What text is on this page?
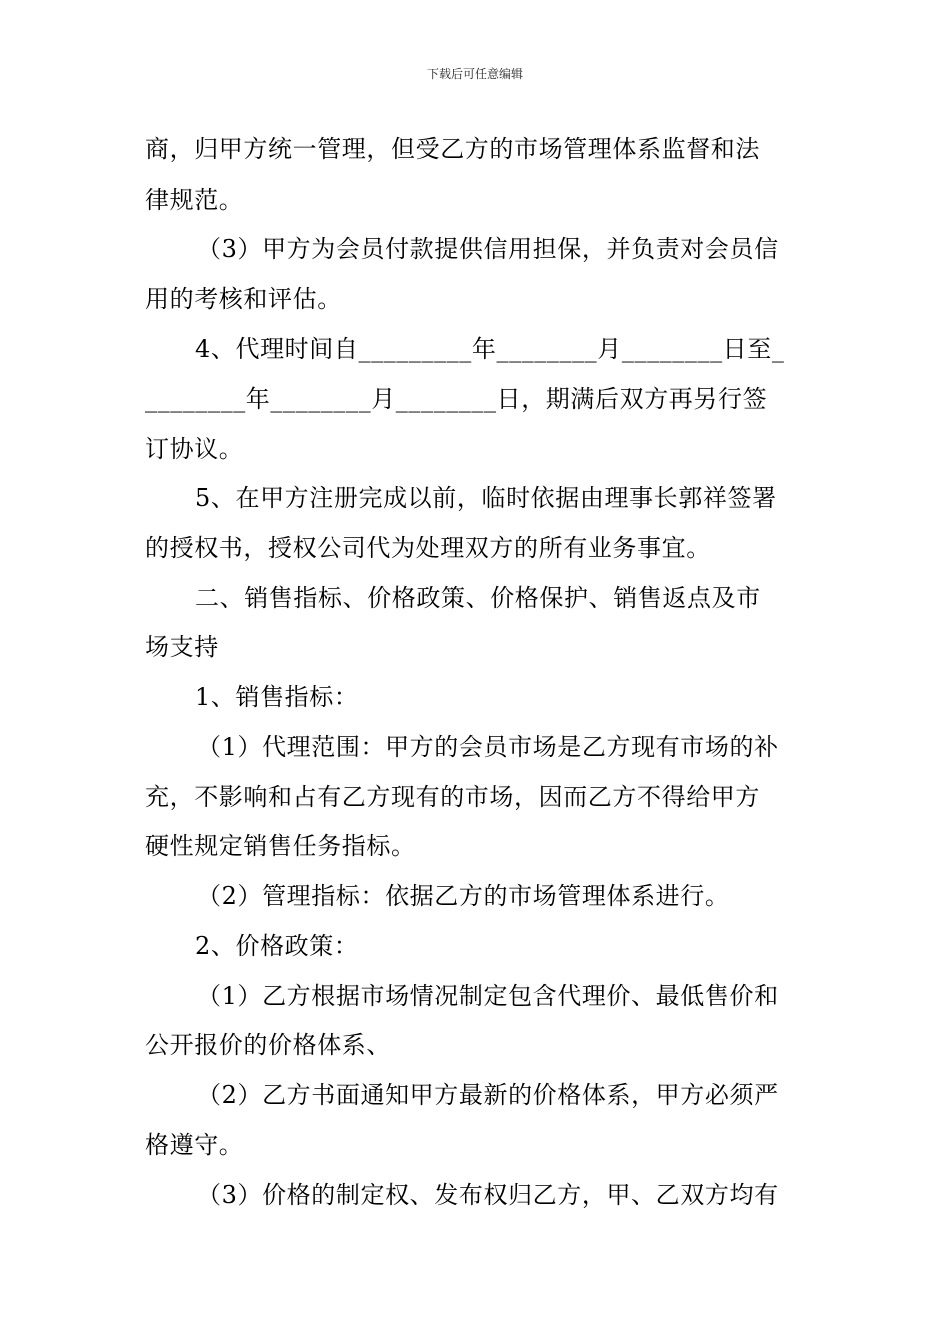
下载后可任意编辑
商，归甲方统一管理，但受乙方的市场管理体系监督和法
律规范。
（3）甲方为会员付款提供信用担保，并负责对会员信
用的考核和评估。
4、代理时间自_________年________月________日至_
________年________月________日，期满后双方再另行签
订协议。
5、在甲方注册完成以前，临时依据由理事长郭祥签署
的授权书，授权公司代为处理双方的所有业务事宜。
二、销售指标、价格政策、价格保护、销售返点及市
场支持
1、销售指标：
（1）代理范围：甲方的会员市场是乙方现有市场的补
充，不影响和占有乙方现有的市场，因而乙方不得给甲方
硬性规定销售任务指标。
（2）管理指标：依据乙方的市场管理体系进行。
2、价格政策：
（1）乙方根据市场情况制定包含代理价、最低售价和
公开报价的价格体系、
（2）乙方书面通知甲方最新的价格体系，甲方必须严
格遵守。
（3）价格的制定权、发布权归乙方，甲、乙双方均有
